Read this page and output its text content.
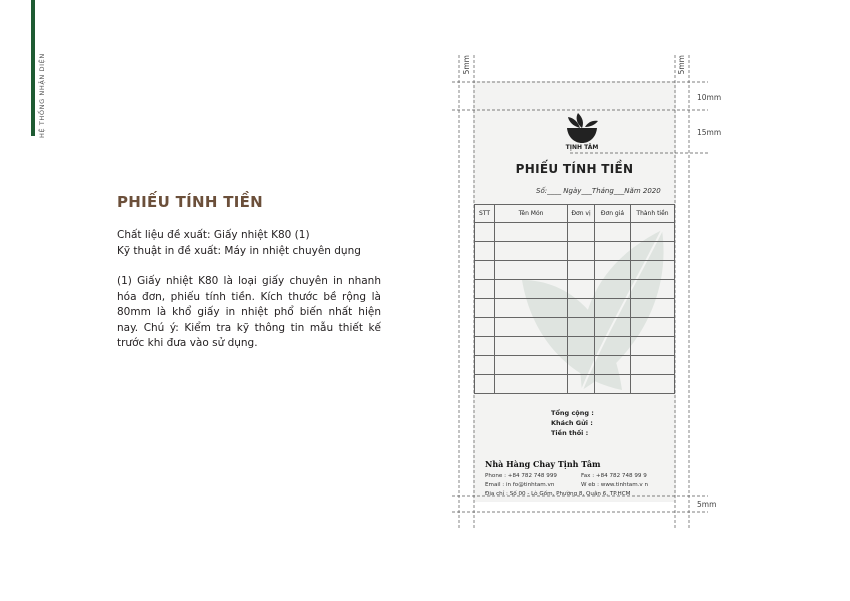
HỆ THỐNG NHẬN DIỆN
PHIẾU TÍNH TIỀN
Chất liệu đề xuất: Giấy nhiệt K80 (1)
Kỹ thuật in đề xuất: Máy in nhiệt chuyên dụng
(1) Giấy nhiệt K80 là loại giấy chuyên in nhanh hóa đơn, phiếu tính tiền. Kích thước bề rộng là 80mm là khổ giấy in nhiệt phổ biến nhất hiện nay. Chú ý: Kiểm tra kỹ thông tin mẫu thiết kế trước khi đưa vào sử dụng.
TỊNH TÂM
PHIẾU TÍNH TIỀN
Số:____ Ngày___Tháng___Năm 2020
STT	Tên Món	Đơn vị	Đơn giá	Thành tiền

Tổng cộng :
Khách Gửi :
Tiền thối :
Nhà Hàng Chay Tịnh Tâm
Phone : +84 782 748 999	Fax : +84 782 748 99 9
Email : in fo@tinhtam.vn	W eb : www.tinhtam.v n
Địa chỉ : Số 00 - Lò Gốm, Phường 8, Quận 6, TP.HCM
5mm	5mm
10mm
15mm
5mm
